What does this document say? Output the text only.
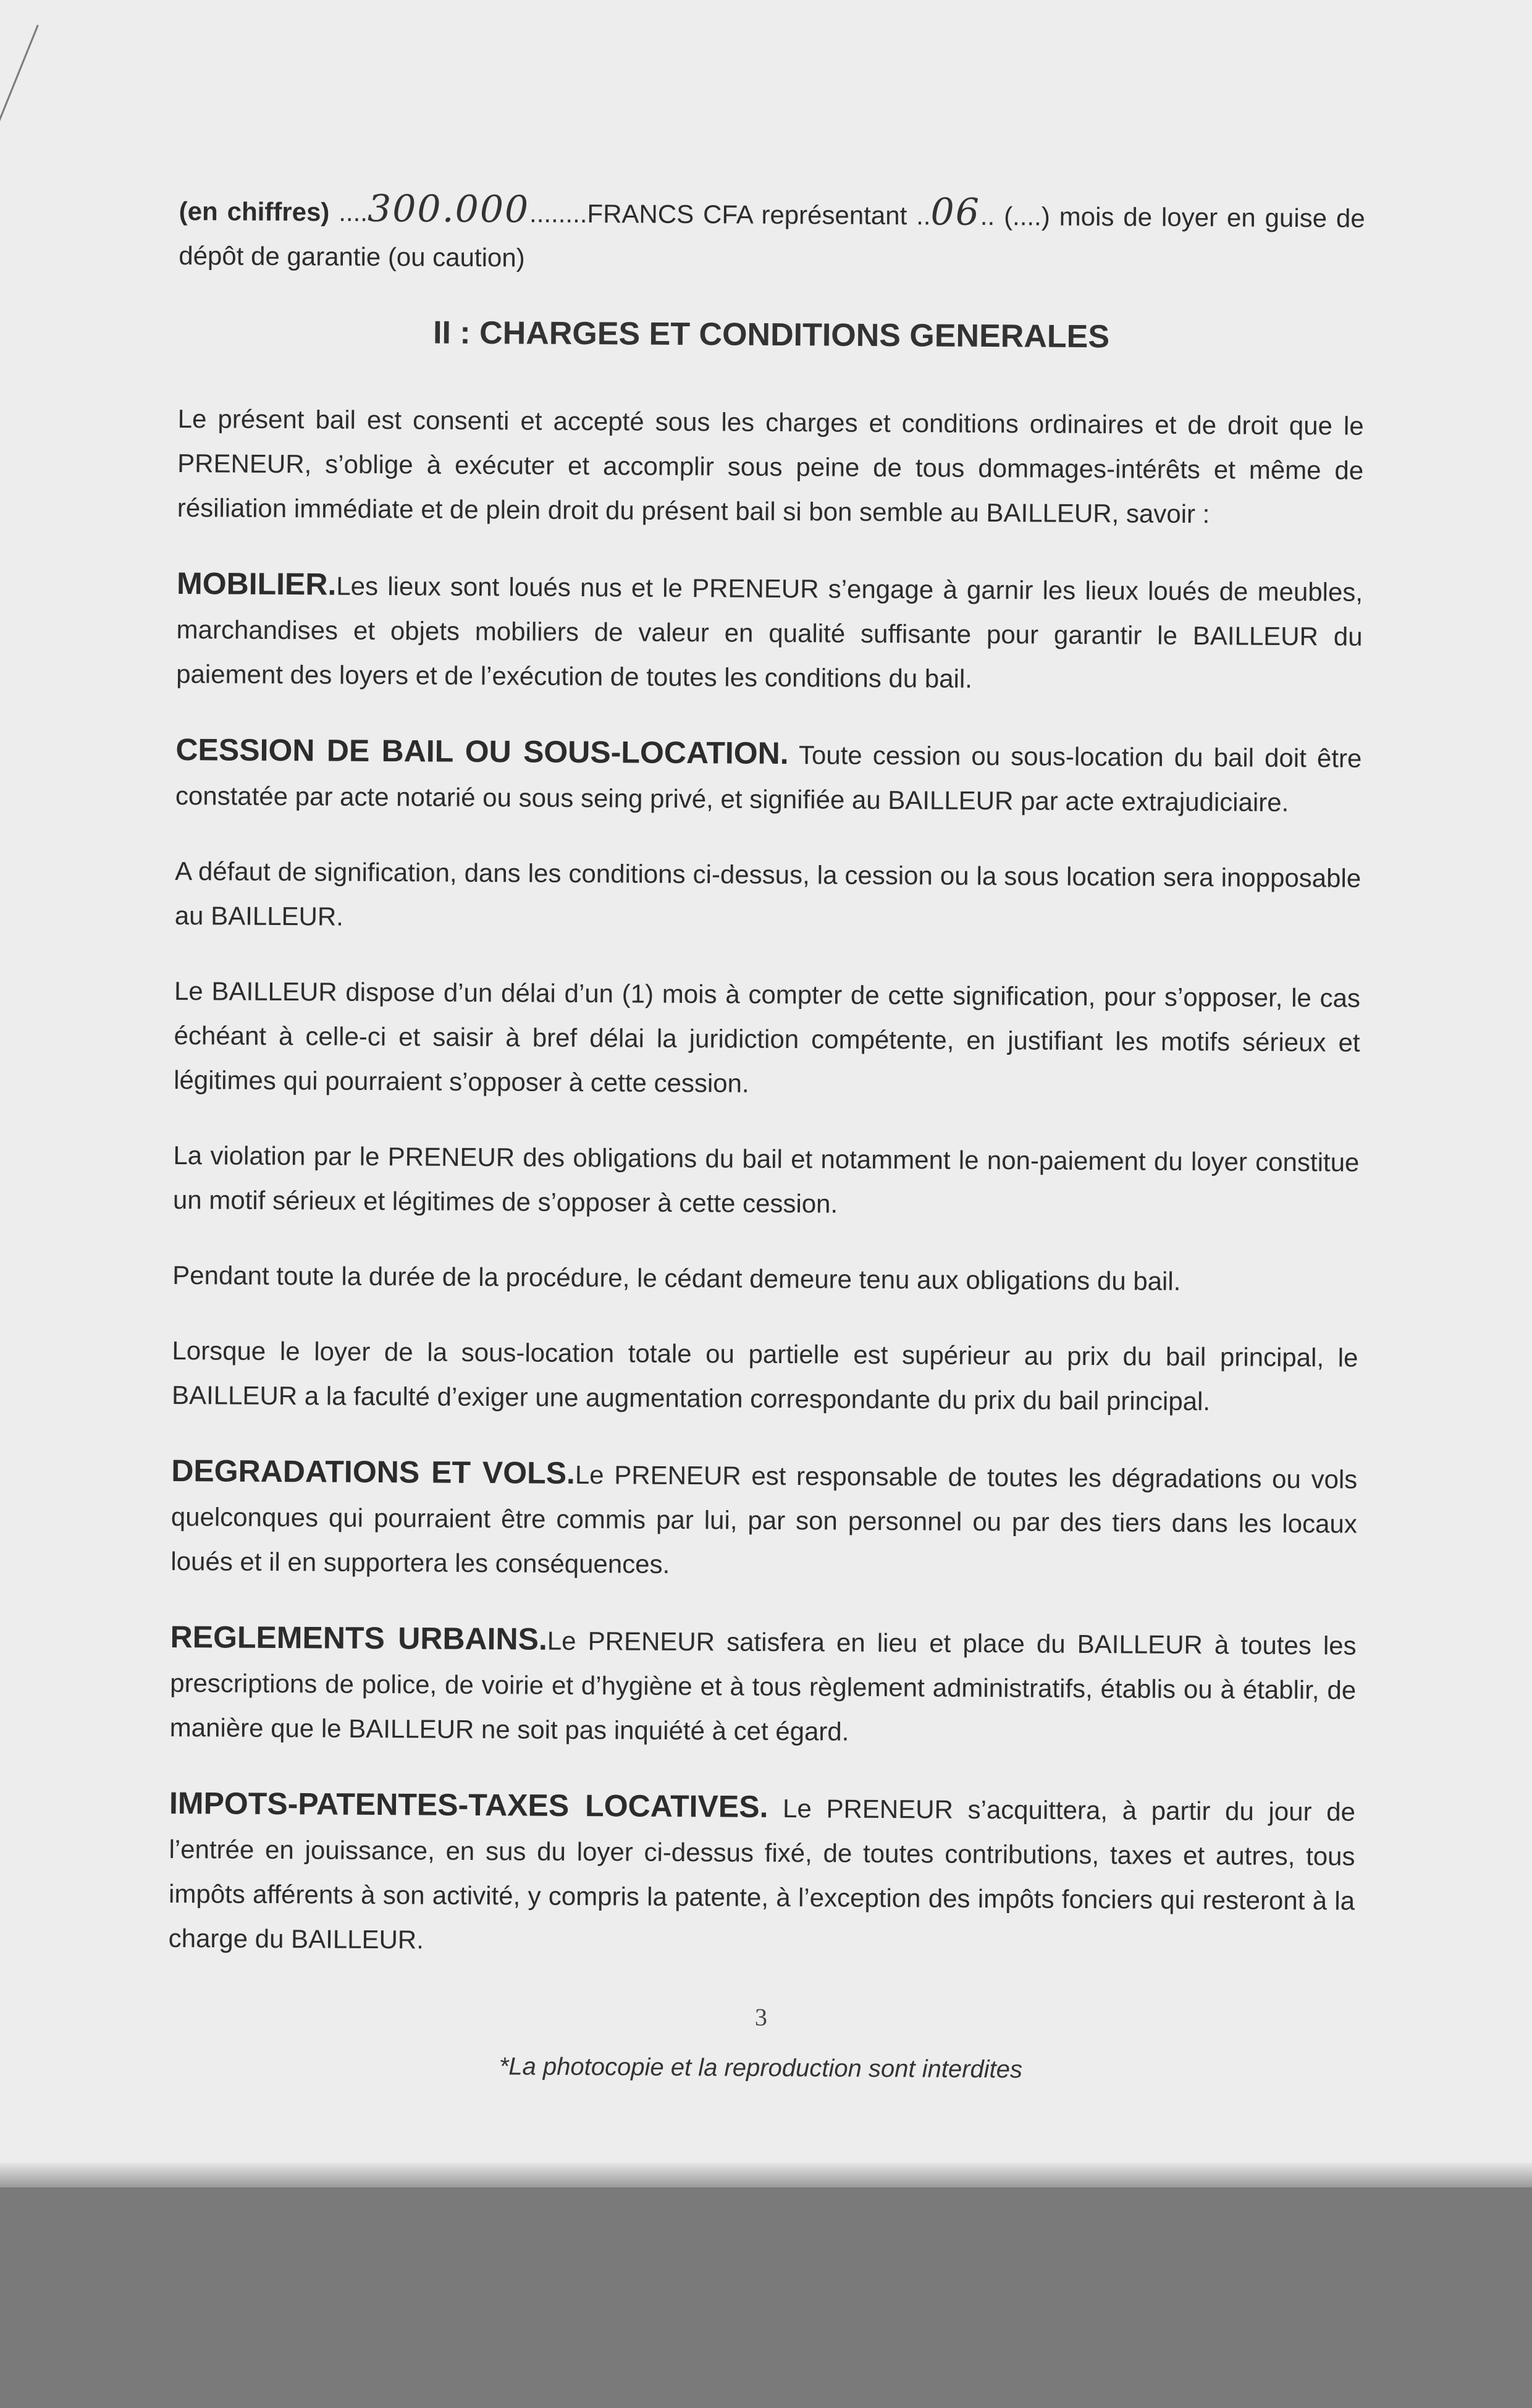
(en chiffres) ....300.000........FRANCS CFA représentant ..06.. (....) mois de loyer en guise de dépôt de garantie (ou caution)

II : CHARGES ET CONDITIONS GENERALES

Le présent bail est consenti et accepté sous les charges et conditions ordinaires et de droit que le PRENEUR, s’oblige à exécuter et accomplir sous peine de tous dommages-intérêts et même de résiliation immédiate et de plein droit du présent bail si bon semble au BAILLEUR, savoir :

MOBILIER.Les lieux sont loués nus et le PRENEUR s’engage à garnir les lieux loués de meubles, marchandises et objets mobiliers de valeur en qualité suffisante pour garantir le BAILLEUR du paiement des loyers et de l’exécution de toutes les conditions du bail.

CESSION DE BAIL OU SOUS-LOCATION. Toute cession ou sous-location du bail doit être constatée par acte notarié ou sous seing privé, et signifiée au BAILLEUR par acte extrajudiciaire.

A défaut de signification, dans les conditions ci-dessus, la cession ou la sous location sera inopposable au BAILLEUR.

Le BAILLEUR dispose d’un délai d’un (1) mois à compter de cette signification, pour s’opposer, le cas échéant à celle-ci et saisir à bref délai la juridiction compétente, en justifiant les motifs sérieux et légitimes qui pourraient s’opposer à cette cession.

La violation par le PRENEUR des obligations du bail et notamment le non-paiement du loyer constitue un motif sérieux et légitimes de s’opposer à cette cession.

Pendant toute la durée de la procédure, le cédant demeure tenu aux obligations du bail.

Lorsque le loyer de la sous-location totale ou partielle est supérieur au prix du bail principal, le BAILLEUR a la faculté d’exiger une augmentation correspondante du prix du bail principal.

DEGRADATIONS ET VOLS.Le PRENEUR est responsable de toutes les dégradations ou vols quelconques qui pourraient être commis par lui, par son personnel ou par des tiers dans les locaux loués et il en supportera les conséquences.

REGLEMENTS URBAINS.Le PRENEUR satisfera en lieu et place du BAILLEUR à toutes les prescriptions de police, de voirie et d’hygiène et à tous règlement administratifs, établis ou à établir, de manière que le BAILLEUR ne soit pas inquiété à cet égard.

IMPOTS-PATENTES-TAXES LOCATIVES. Le PRENEUR s’acquittera, à partir du jour de l’entrée en jouissance, en sus du loyer ci-dessus fixé, de toutes contributions, taxes et autres, tous impôts afférents à son activité, y compris la patente, à l’exception des impôts fonciers qui resteront à la charge du BAILLEUR.

3
*La photocopie et la reproduction sont interdites
